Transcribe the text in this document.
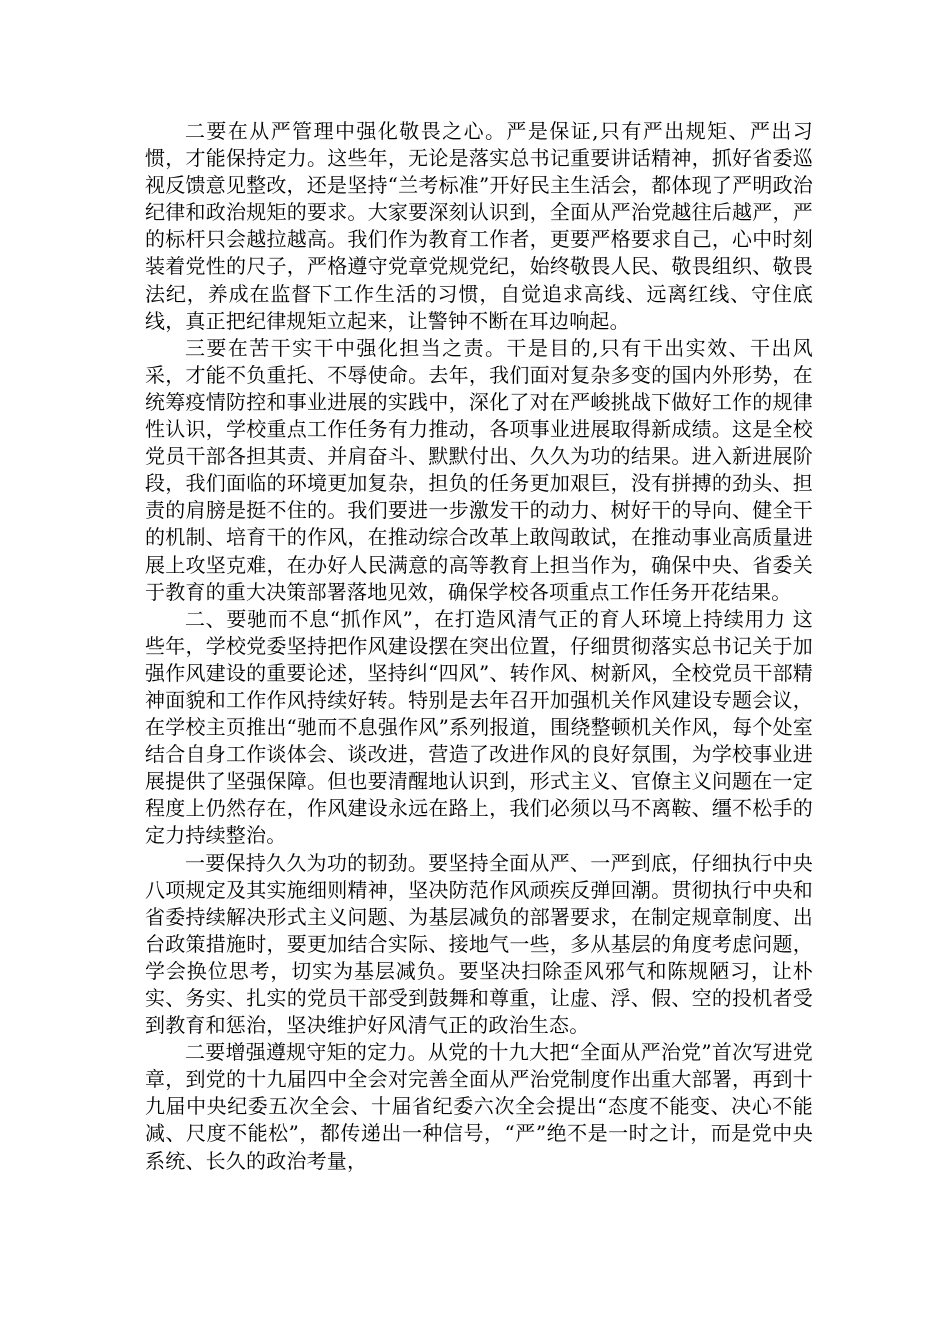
二要在从严管理中强化敬畏之心。严是保证,只有严出规矩、严出习惯，才能保持定力。这些年，无论是落实总书记重要讲话精神，抓好省委巡视反馈意见整改，还是坚持“兰考标准”开好民主生活会，都体现了严明政治纪律和政治规矩的要求。大家要深刻认识到，全面从严治党越往后越严，严的标杆只会越拉越高。我们作为教育工作者，更要严格要求自己，心中时刻装着党性的尺子，严格遵守党章党规党纪，始终敬畏人民、敬畏组织、敬畏法纪，养成在监督下工作生活的习惯，自觉追求高线、远离红线、守住底线，真正把纪律规矩立起来，让警钟不断在耳边响起。

三要在苦干实干中强化担当之责。干是目的,只有干出实效、干出风采，才能不负重托、不辱使命。去年，我们面对复杂多变的国内外形势，在统筹疫情防控和事业进展的实践中，深化了对在严峻挑战下做好工作的规律性认识，学校重点工作任务有力推动，各项事业进展取得新成绩。这是全校党员干部各担其责、并肩奋斗、默默付出、久久为功的结果。进入新进展阶段，我们面临的环境更加复杂，担负的任务更加艰巨，没有拼搏的劲头、担责的肩膀是挺不住的。我们要进一步激发干的动力、树好干的导向、健全干的机制、培育干的作风，在推动综合改革上敢闯敢试，在推动事业高质量进展上攻坚克难，在办好人民满意的高等教育上担当作为，确保中央、省委关于教育的重大决策部署落地见效，确保学校各项重点工作任务开花结果。

二、要驰而不息“抓作风”，在打造风清气正的育人环境上持续用力 这些年，学校党委坚持把作风建设摆在突出位置，仔细贯彻落实总书记关于加强作风建设的重要论述，坚持纠“四风”、转作风、树新风，全校党员干部精神面貌和工作作风持续好转。特别是去年召开加强机关作风建设专题会议，在学校主页推出“驰而不息强作风”系列报道，围绕整顿机关作风，每个处室结合自身工作谈体会、谈改进，营造了改进作风的良好氛围，为学校事业进展提供了坚强保障。但也要清醒地认识到，形式主义、官僚主义问题在一定程度上仍然存在，作风建设永远在路上，我们必须以马不离鞍、缰不松手的定力持续整治。

一要保持久久为功的韧劲。要坚持全面从严、一严到底，仔细执行中央八项规定及其实施细则精神，坚决防范作风顽疾反弹回潮。贯彻执行中央和省委持续解决形式主义问题、为基层减负的部署要求，在制定规章制度、出台政策措施时，要更加结合实际、接地气一些，多从基层的角度考虑问题，学会换位思考，切实为基层减负。要坚决扫除歪风邪气和陈规陋习，让朴实、务实、扎实的党员干部受到鼓舞和尊重，让虚、浮、假、空的投机者受到教育和惩治，坚决维护好风清气正的政治生态。

二要增强遵规守矩的定力。从党的十九大把“全面从严治党”首次写进党章，到党的十九届四中全会对完善全面从严治党制度作出重大部署，再到十九届中央纪委五次全会、十届省纪委六次全会提出“态度不能变、决心不能减、尺度不能松”，都传递出一种信号，“严”绝不是一时之计，而是党中央系统、长久的政治考量，
